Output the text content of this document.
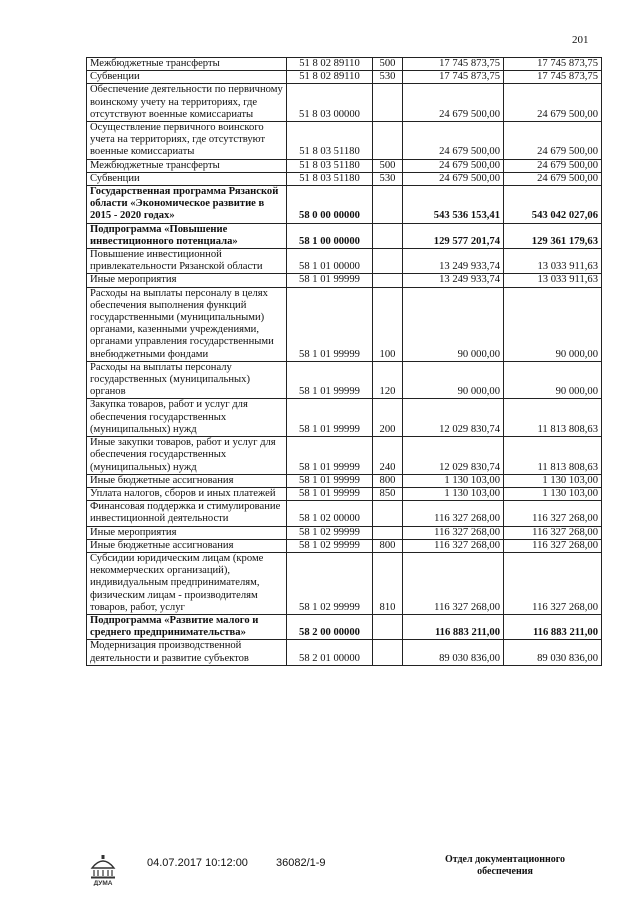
201
Межбюджетные трансферты	51 8 02 89110	500	17 745 873,75	17 745 873,75
Субвенции	51 8 02 89110	530	17 745 873,75	17 745 873,75
Обеспечение деятельности по первичному воинскому учету на территориях, где отсутствуют военные комиссариаты	51 8 03 00000		24 679 500,00	24 679 500,00
Осуществление первичного воинского учета на территориях, где отсутствуют военные комиссариаты	51 8 03 51180		24 679 500,00	24 679 500,00
Межбюджетные трансферты	51 8 03 51180	500	24 679 500,00	24 679 500,00
Субвенции	51 8 03 51180	530	24 679 500,00	24 679 500,00
Государственная программа Рязанской области «Экономическое развитие в 2015 - 2020 годах»	58 0 00 00000		543 536 153,41	543 042 027,06
Подпрограмма «Повышение инвестиционного потенциала»	58 1 00 00000		129 577 201,74	129 361 179,63
Повышение инвестиционной привлекательности Рязанской области	58 1 01 00000		13 249 933,74	13 033 911,63
Иные мероприятия	58 1 01 99999		13 249 933,74	13 033 911,63
Расходы на выплаты персоналу в целях обеспечения выполнения функций государственными (муниципальными) органами, казенными учреждениями, органами управления государственными внебюджетными фондами	58 1 01 99999	100	90 000,00	90 000,00
Расходы на выплаты персоналу государственных (муниципальных) органов	58 1 01 99999	120	90 000,00	90 000,00
Закупка товаров, работ и услуг для обеспечения государственных (муниципальных) нужд	58 1 01 99999	200	12 029 830,74	11 813 808,63
Иные закупки товаров, работ и услуг для обеспечения государственных (муниципальных) нужд	58 1 01 99999	240	12 029 830,74	11 813 808,63
Иные бюджетные ассигнования	58 1 01 99999	800	1 130 103,00	1 130 103,00
Уплата налогов, сборов и иных платежей	58 1 01 99999	850	1 130 103,00	1 130 103,00
Финансовая поддержка и стимулирование инвестиционной деятельности	58 1 02 00000		116 327 268,00	116 327 268,00
Иные мероприятия	58 1 02 99999		116 327 268,00	116 327 268,00
Иные бюджетные ассигнования	58 1 02 99999	800	116 327 268,00	116 327 268,00
Субсидии юридическим лицам (кроме некоммерческих организаций), индивидуальным предпринимателям, физическим лицам - производителям товаров, работ, услуг	58 1 02 99999	810	116 327 268,00	116 327 268,00
Подпрограмма «Развитие малого и среднего предпринимательства»	58 2 00 00000		116 883 211,00	116 883 211,00
Модернизация производственной деятельности и развитие субъектов	58 2 01 00000		89 030 836,00	89 030 836,00
ДУМА
04.07.2017 10:12:00	36082/1-9	Отдел документационного
обеспечения
